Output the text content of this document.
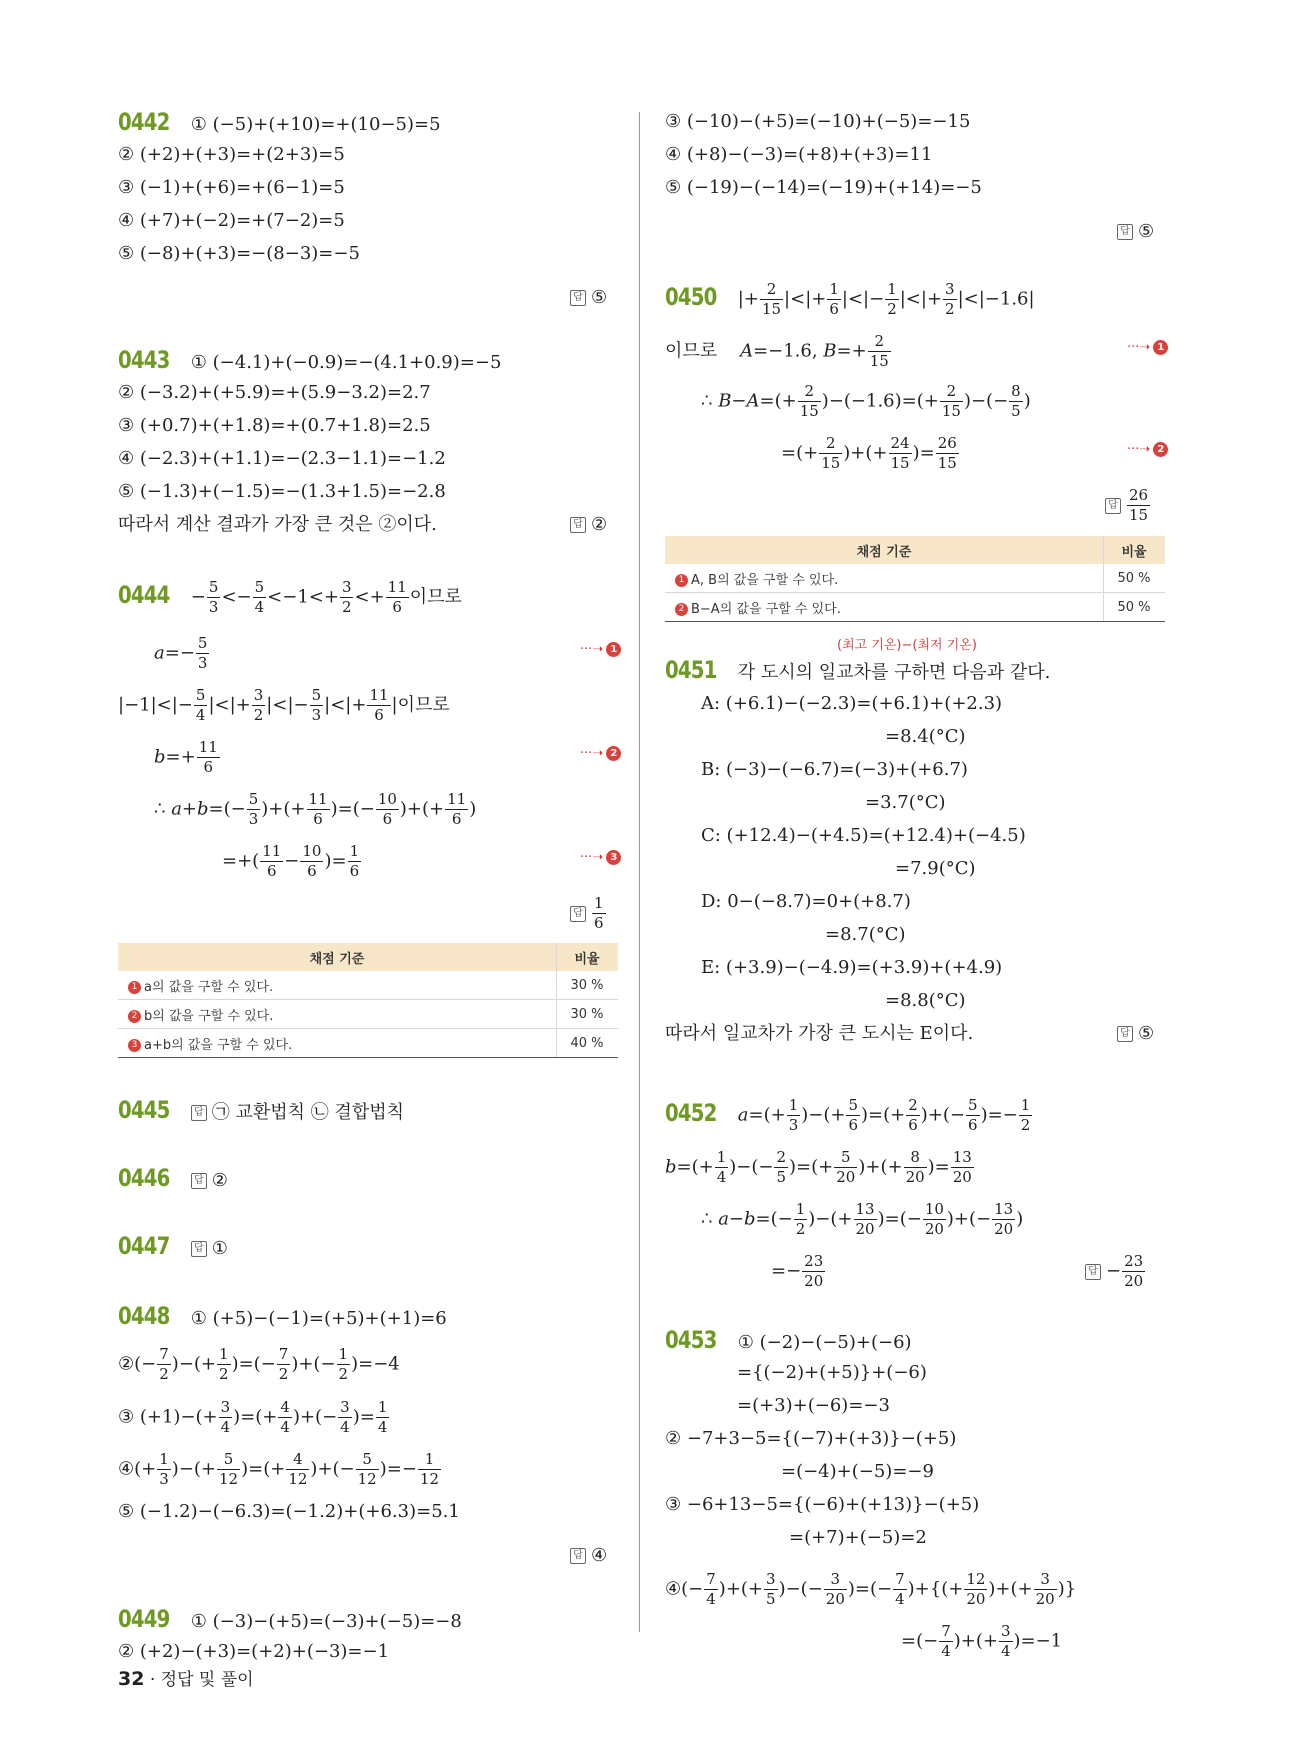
0442 ① (−5)+(+10)=+(10−5)=5
② (+2)+(+3)=+(2+3)=5
③ (−1)+(+6)=+(6−1)=5
④ (+7)+(−2)=+(7−2)=5
⑤ (−8)+(+3)=−(8−3)=−5
답 ⑤
0443 ① (−4.1)+(−0.9)=−(4.1+0.9)=−5
② (−3.2)+(+5.9)=+(5.9−3.2)=2.7
③ (+0.7)+(+1.8)=+(0.7+1.8)=2.5
④ (−2.3)+(+1.1)=−(2.3−1.1)=−1.2
⑤ (−1.3)+(−1.5)=−(1.3+1.5)=−2.8
따라서 계산 결과가 가장 큰 것은 ②이다.	답 ②
$0444 - \frac{5}{3} <- \frac{5}{4} <-1<+ \frac{3}{2} <+ \frac{11}{6}$ 이므로
$a=- \frac{5}{3}$	···➝ 1
$|-1|<|- \frac{5}{4}$ |<|+ $\frac{3}{2}$ |<|− $\frac{5}{3}$ |<|+ $\frac{11}{6}$ |이므로
$b=+ \frac{11}{6}$	···➝ 2
∴ $a+b=(- \frac{5}{3}$ )+(+ $\frac{11}{6}$ )=(− $\frac{10}{6}$ )+(+ $\frac{11}{6}$ )
=+( $\frac{11}{6} - \frac{10}{6}$ )= $\frac{1}{6}$	···➝ 3
답 $\frac{1}{6}$
채점 기준	비율
1 a의 값을 구할 수 있다.	30 %
2 b의 값을 구할 수 있다.	30 %
3 a+b의 값을 구할 수 있다.	40 %
0445 답 ㉠ 교환법칙 ㉡ 결합법칙
0446 답 ②
0447 답 ①
0448 ① (+5)−(−1)=(+5)+(+1)=6
②(− $\frac{7}{2}$ )−(+ $\frac{1}{2}$ )=(− $\frac{7}{2}$ )+(− $\frac{1}{2} )=-4$
③ $(+1)-(+ \frac{3}{4}$ )=(+ $\frac{4}{4}$ )+(− $\frac{3}{4}$ )= $\frac{1}{4}$
④(+ $\frac{1}{3}$ )−(+ $\frac{5}{12}$ )=(+ $\frac{4}{12}$ )+(− $\frac{5}{12}$ )=− $\frac{1}{12}$
⑤ (−1.2)−(−6.3)=(−1.2)+(+6.3)=5.1
답 ④
0449 ① (−3)−(+5)=(−3)+(−5)=−8
② (+2)−(+3)=(+2)+(−3)=−1
③ (−10)−(+5)=(−10)+(−5)=−15
④ (+8)−(−3)=(+8)+(+3)=11
⑤ (−19)−(−14)=(−19)+(+14)=−5
답 ⑤
0450 |+ $\frac{2}{15}$ |<|+ $\frac{1}{6}$ |<|− $\frac{1}{2}$ |<|+ $\frac{3}{2} |<|-1.6|$
이므로    A=−1.6, $B=+ \frac{2}{15}$	···➝ 1
∴ $B-A=(+ \frac{2}{15} )-(-1.6)=(+ \frac{2}{15}$ )−(− $\frac{8}{5}$ )
=(+ $\frac{2}{15}$ )+(+ $\frac{24}{15}$ )= $\frac{26}{15}$	···➝ 2
답 $\frac{26}{15}$
채점 기준	비율
1 A, B의 값을 구할 수 있다.	50 %
2 B−A의 값을 구할 수 있다.	50 %
(최고 기온)−(최저 기온)
0451 각 도시의 일교차를 구하면 다음과 같다.
A: (+6.1)−(−2.3)=(+6.1)+(+2.3)
=8.4(°C)
B: (−3)−(−6.7)=(−3)+(+6.7)
=3.7(°C)
C: (+12.4)−(+4.5)=(+12.4)+(−4.5)
=7.9(°C)
D: 0−(−8.7)=0+(+8.7)
=8.7(°C)
E: (+3.9)−(−4.9)=(+3.9)+(+4.9)
=8.8(°C)
따라서 일교차가 가장 큰 도시는 E이다.	답 ⑤
0452 $a=(+ \frac{1}{3}$ )−(+ $\frac{5}{6}$ )=(+ $\frac{2}{6}$ )+(− $\frac{5}{6}$ )=− $\frac{1}{2}$
$b=(+ \frac{1}{4}$ )−(− $\frac{2}{5}$ )=(+ $\frac{5}{20}$ )+(+ $\frac{8}{20}$ )= $\frac{13}{20}$
∴ $a-b=(- \frac{1}{2}$ )−(+ $\frac{13}{20}$ )=(− $\frac{10}{20}$ )+(− $\frac{13}{20}$ )
=− $\frac{23}{20}$	답 − $\frac{23}{20}$
0453 ① (−2)−(−5)+(−6)
={(−2)+(+5)}+(−6)
=(+3)+(−6)=−3
② −7+3−5={(−7)+(+3)}−(+5)
=(−4)+(−5)=−9
③ −6+13−5={(−6)+(+13)}−(+5)
=(+7)+(−5)=2
④(− $\frac{7}{4}$ )+(+ $\frac{3}{5}$ )−(− $\frac{3}{20}$ )=(− $\frac{7}{4}$ )+{(+ $\frac{12}{20}$ )+(+ $\frac{3}{20}$ )}
=(− $\frac{7}{4}$ )+(+ $\frac{3}{4} )=-1$
32 · 정답 및 풀이
